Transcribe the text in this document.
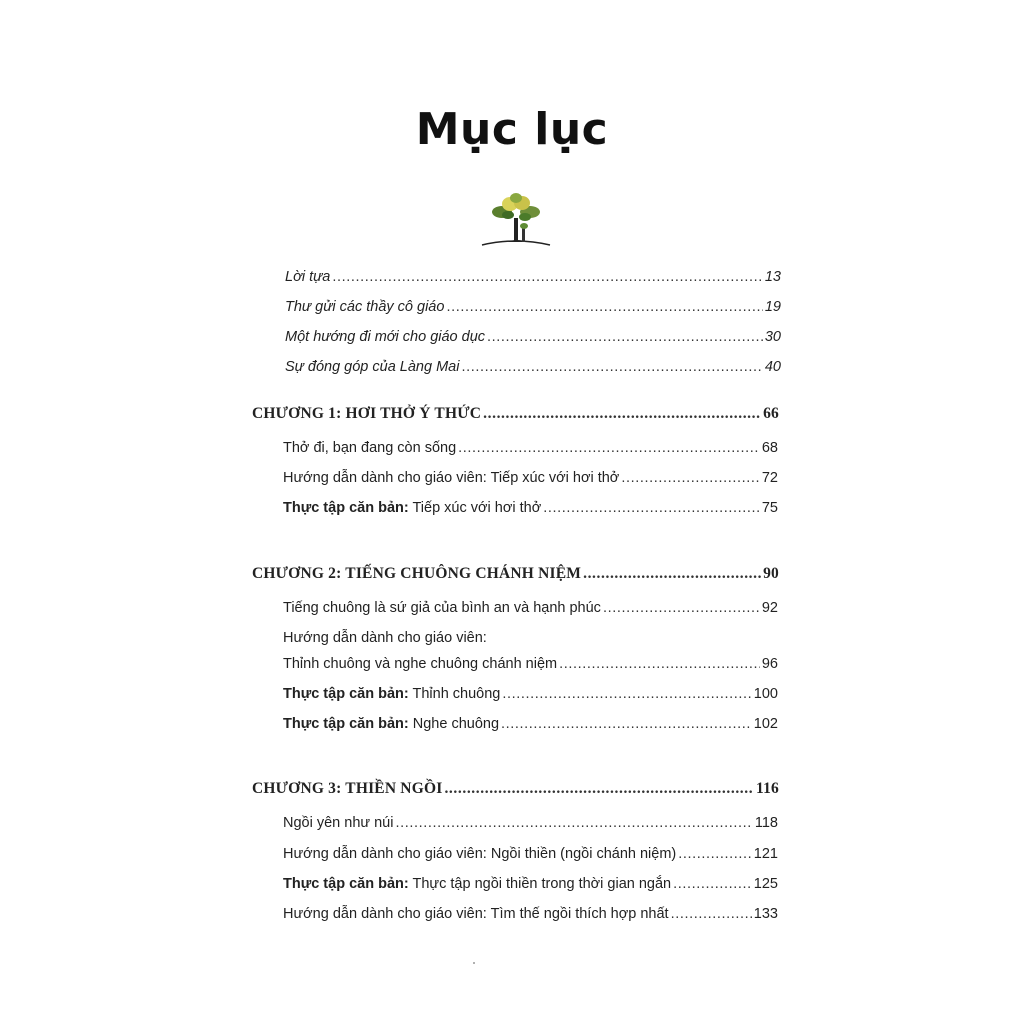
Mục lục
Lời tựa .....	13
Thư gửi các thầy cô giáo .....	19
Một hướng đi mới cho giáo dục .....	30
Sự đóng góp của Làng Mai .....	40
CHƯƠNG 1: HƠI THỞ Ý THỨC .....	66
Thở đi, bạn đang còn sống .....	68
Hướng dẫn dành cho giáo viên: Tiếp xúc với hơi thở .....	72
Thực tập căn bản: Tiếp xúc với hơi thở .....	75
CHƯƠNG 2: TIẾNG CHUÔNG CHÁNH NIỆM .....	90
Tiếng chuông là sứ giả của bình an và hạnh phúc .....	92
Hướng dẫn dành cho giáo viên:
Thỉnh chuông và nghe chuông chánh niệm .....	96
Thực tập căn bản: Thỉnh chuông .....	100
Thực tập căn bản: Nghe chuông .....	102
CHƯƠNG 3: THIỀN NGỒI .....	116
Ngồi yên như núi .....	118
Hướng dẫn dành cho giáo viên: Ngồi thiền (ngồi chánh niệm) .....	121
Thực tập căn bản: Thực tập ngồi thiền trong thời gian ngắn .....	125
Hướng dẫn dành cho giáo viên: Tìm thế ngồi thích hợp nhất .....	133
